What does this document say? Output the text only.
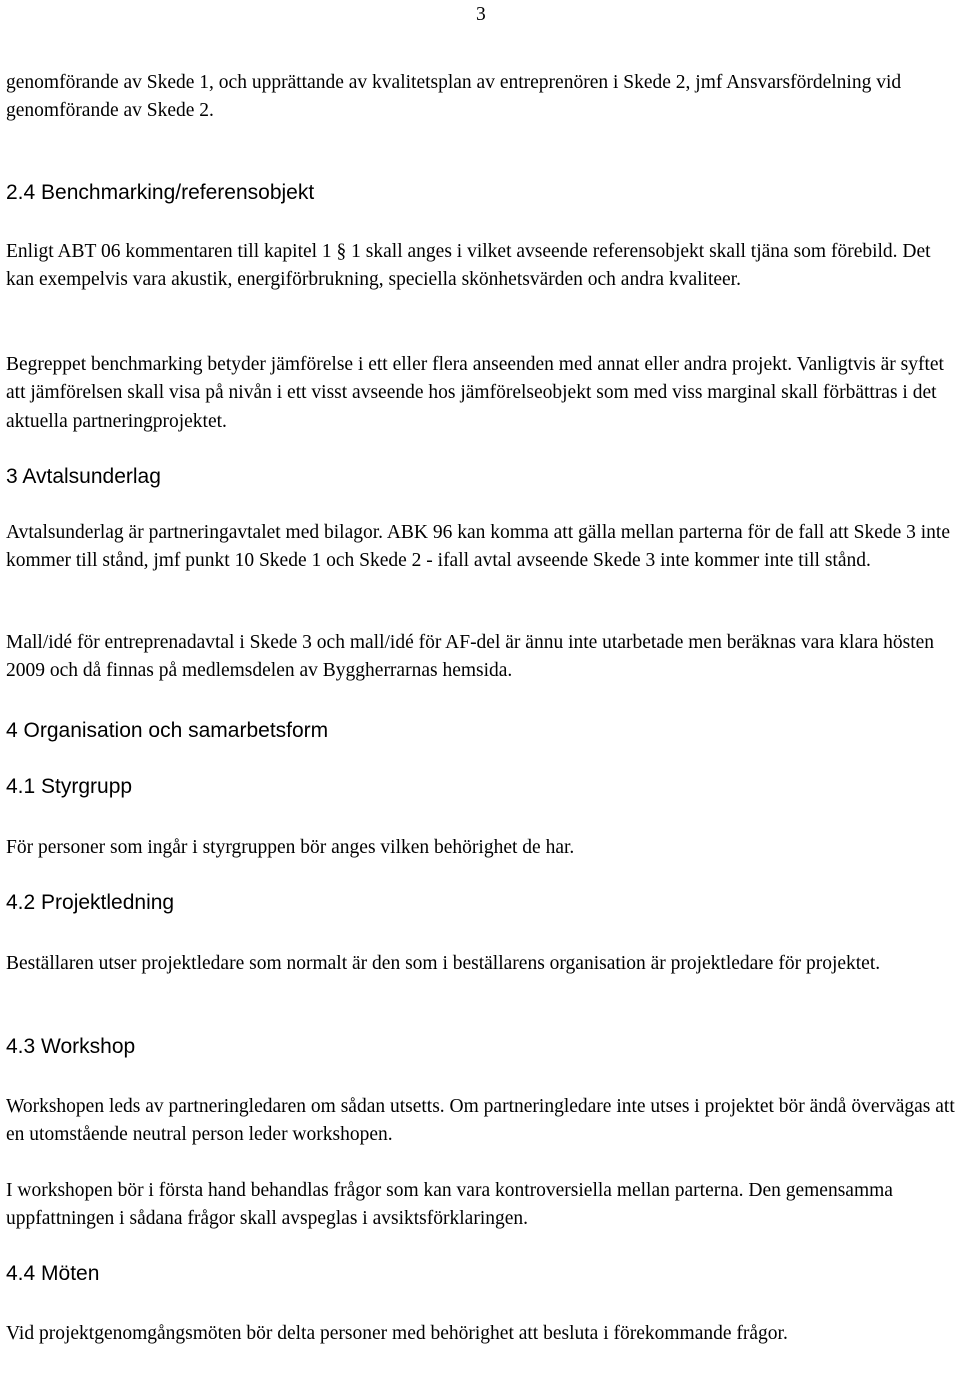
3

genomförande av Skede 1, och upprättande av kvalitetsplan av entreprenören i Skede 2, jmf Ansvarsfördelning vid genomförande av Skede 2.

2.4 Benchmarking/referensobjekt

Enligt ABT 06 kommentaren till kapitel 1 § 1 skall anges i vilket avseende referensobjekt skall tjäna som förebild. Det kan exempelvis vara akustik, energiförbrukning, speciella skönhetsvärden och andra kvaliteer.

Begreppet benchmarking betyder jämförelse i ett eller flera anseenden med annat eller andra projekt. Vanligtvis är syftet att jämförelsen skall visa på nivån i ett visst avseende hos jämförelseobjekt som med viss marginal skall förbättras i det aktuella partneringprojektet.

3 Avtalsunderlag

Avtalsunderlag är partneringavtalet med bilagor. ABK 96 kan komma att gälla mellan parterna för de fall att Skede 3 inte kommer till stånd, jmf punkt 10 Skede 1 och Skede 2 - ifall avtal avseende Skede 3 inte kommer inte till stånd.

Mall/idé för entreprenadavtal i Skede 3 och mall/idé för AF-del är ännu inte utarbetade men beräknas vara klara hösten 2009 och då finnas på medlemsdelen av Byggherrarnas hemsida.

4 Organisation och samarbetsform
4.1 Styrgrupp

För personer som ingår i styrgruppen bör anges vilken behörighet de har.

4.2 Projektledning

Beställaren utser projektledare som normalt är den som i beställarens organisation är projektledare för projektet.

4.3 Workshop

Workshopen leds av partneringledaren om sådan utsetts. Om partneringledare inte utses i projektet bör ändå övervägas att en utomstående neutral person leder workshopen.

I workshopen bör i första hand behandlas frågor som kan vara kontroversiella mellan parterna. Den gemensamma uppfattningen i sådana frågor skall avspeglas i avsiktsförklaringen.

4.4 Möten

Vid projektgenomgångsmöten bör delta personer med behörighet att besluta i förekommande frågor.
